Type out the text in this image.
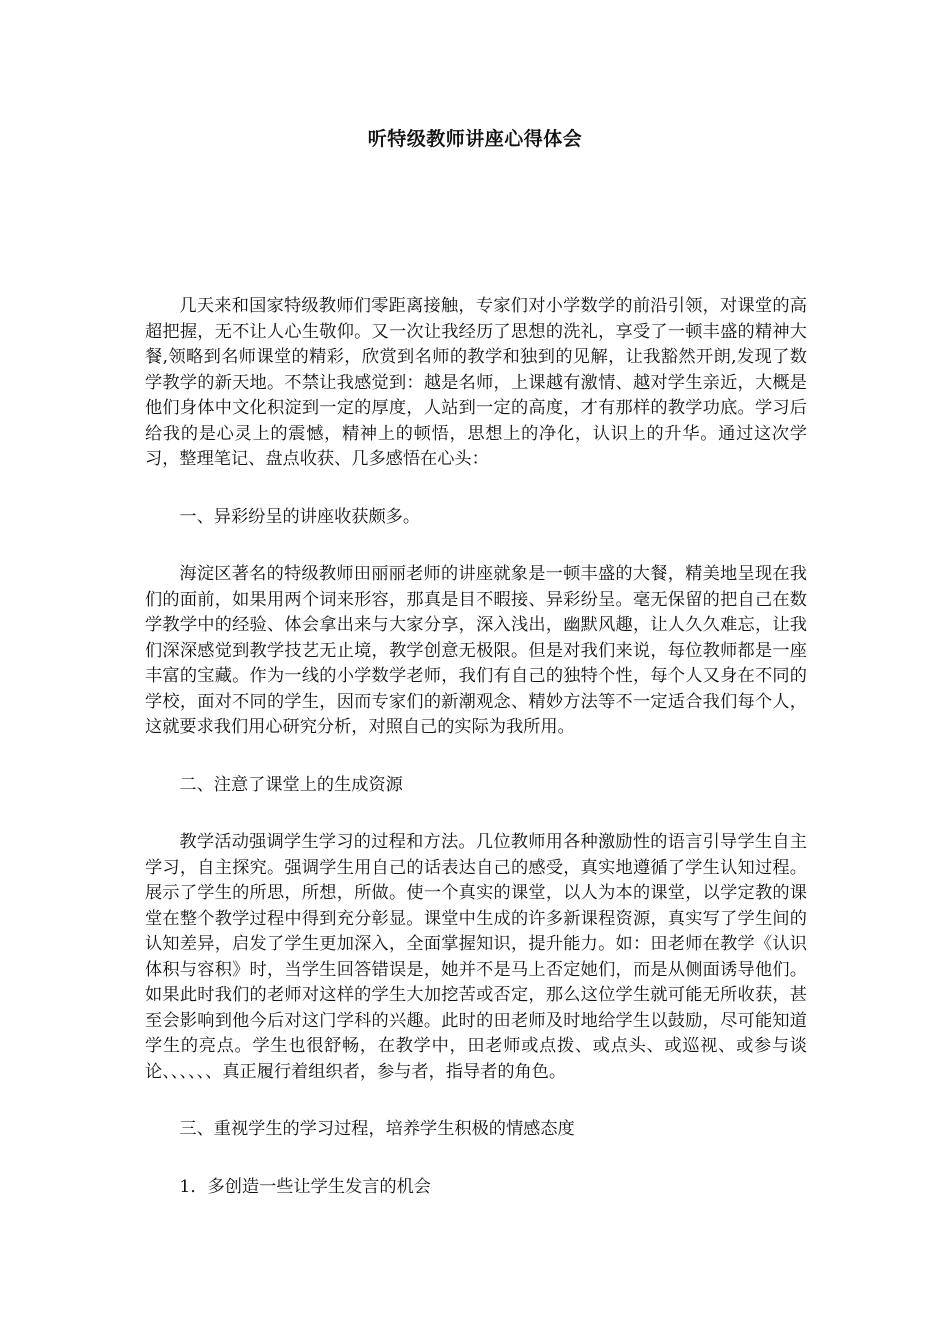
听特级教师讲座心得体会

几天来和国家特级教师们零距离接触，专家们对小学数学的前沿引领，对课堂的高超把握，无不让人心生敬仰。又一次让我经历了思想的洗礼，享受了一顿丰盛的精神大餐,领略到名师课堂的精彩，欣赏到名师的教学和独到的见解，让我豁然开朗,发现了数学教学的新天地。不禁让我感觉到：越是名师，上课越有激情、越对学生亲近，大概是他们身体中文化积淀到一定的厚度，人站到一定的高度，才有那样的教学功底。学习后给我的是心灵上的震憾，精神上的顿悟，思想上的净化，认识上的升华。通过这次学习，整理笔记、盘点收获、几多感悟在心头：

一、异彩纷呈的讲座收获颇多。

海淀区著名的特级教师田丽丽老师的讲座就象是一顿丰盛的大餐，精美地呈现在我们的面前，如果用两个词来形容，那真是目不暇接、异彩纷呈。毫无保留的把自己在数学教学中的经验、体会拿出来与大家分享，深入浅出，幽默风趣，让人久久难忘，让我们深深感觉到教学技艺无止境，教学创意无极限。但是对我们来说，每位教师都是一座丰富的宝藏。作为一线的小学数学老师，我们有自己的独特个性，每个人又身在不同的学校，面对不同的学生，因而专家们的新潮观念、精妙方法等不一定适合我们每个人，这就要求我们用心研究分析，对照自己的实际为我所用。

二、注意了课堂上的生成资源

教学活动强调学生学习的过程和方法。几位教师用各种激励性的语言引导学生自主学习，自主探究。强调学生用自己的话表达自己的感受，真实地遵循了学生认知过程。展示了学生的所思，所想，所做。使一个真实的课堂，以人为本的课堂，以学定教的课堂在整个教学过程中得到充分彰显。课堂中生成的许多新课程资源，真实写了学生间的认知差异，启发了学生更加深入，全面掌握知识，提升能力。如：田老师在教学《认识体积与容积》时，当学生回答错误是，她并不是马上否定她们，而是从侧面诱导他们。如果此时我们的老师对这样的学生大加挖苦或否定，那么这位学生就可能无所收获，甚至会影响到他今后对这门学科的兴趣。此时的田老师及时地给学生以鼓励，尽可能知道学生的亮点。学生也很舒畅，在教学中，田老师或点拨、或点头、或巡视、或参与谈论、、、、、、真正履行着组织者，参与者，指导者的角色。

三、重视学生的学习过程，培养学生积极的情感态度

1．多创造一些让学生发言的机会
